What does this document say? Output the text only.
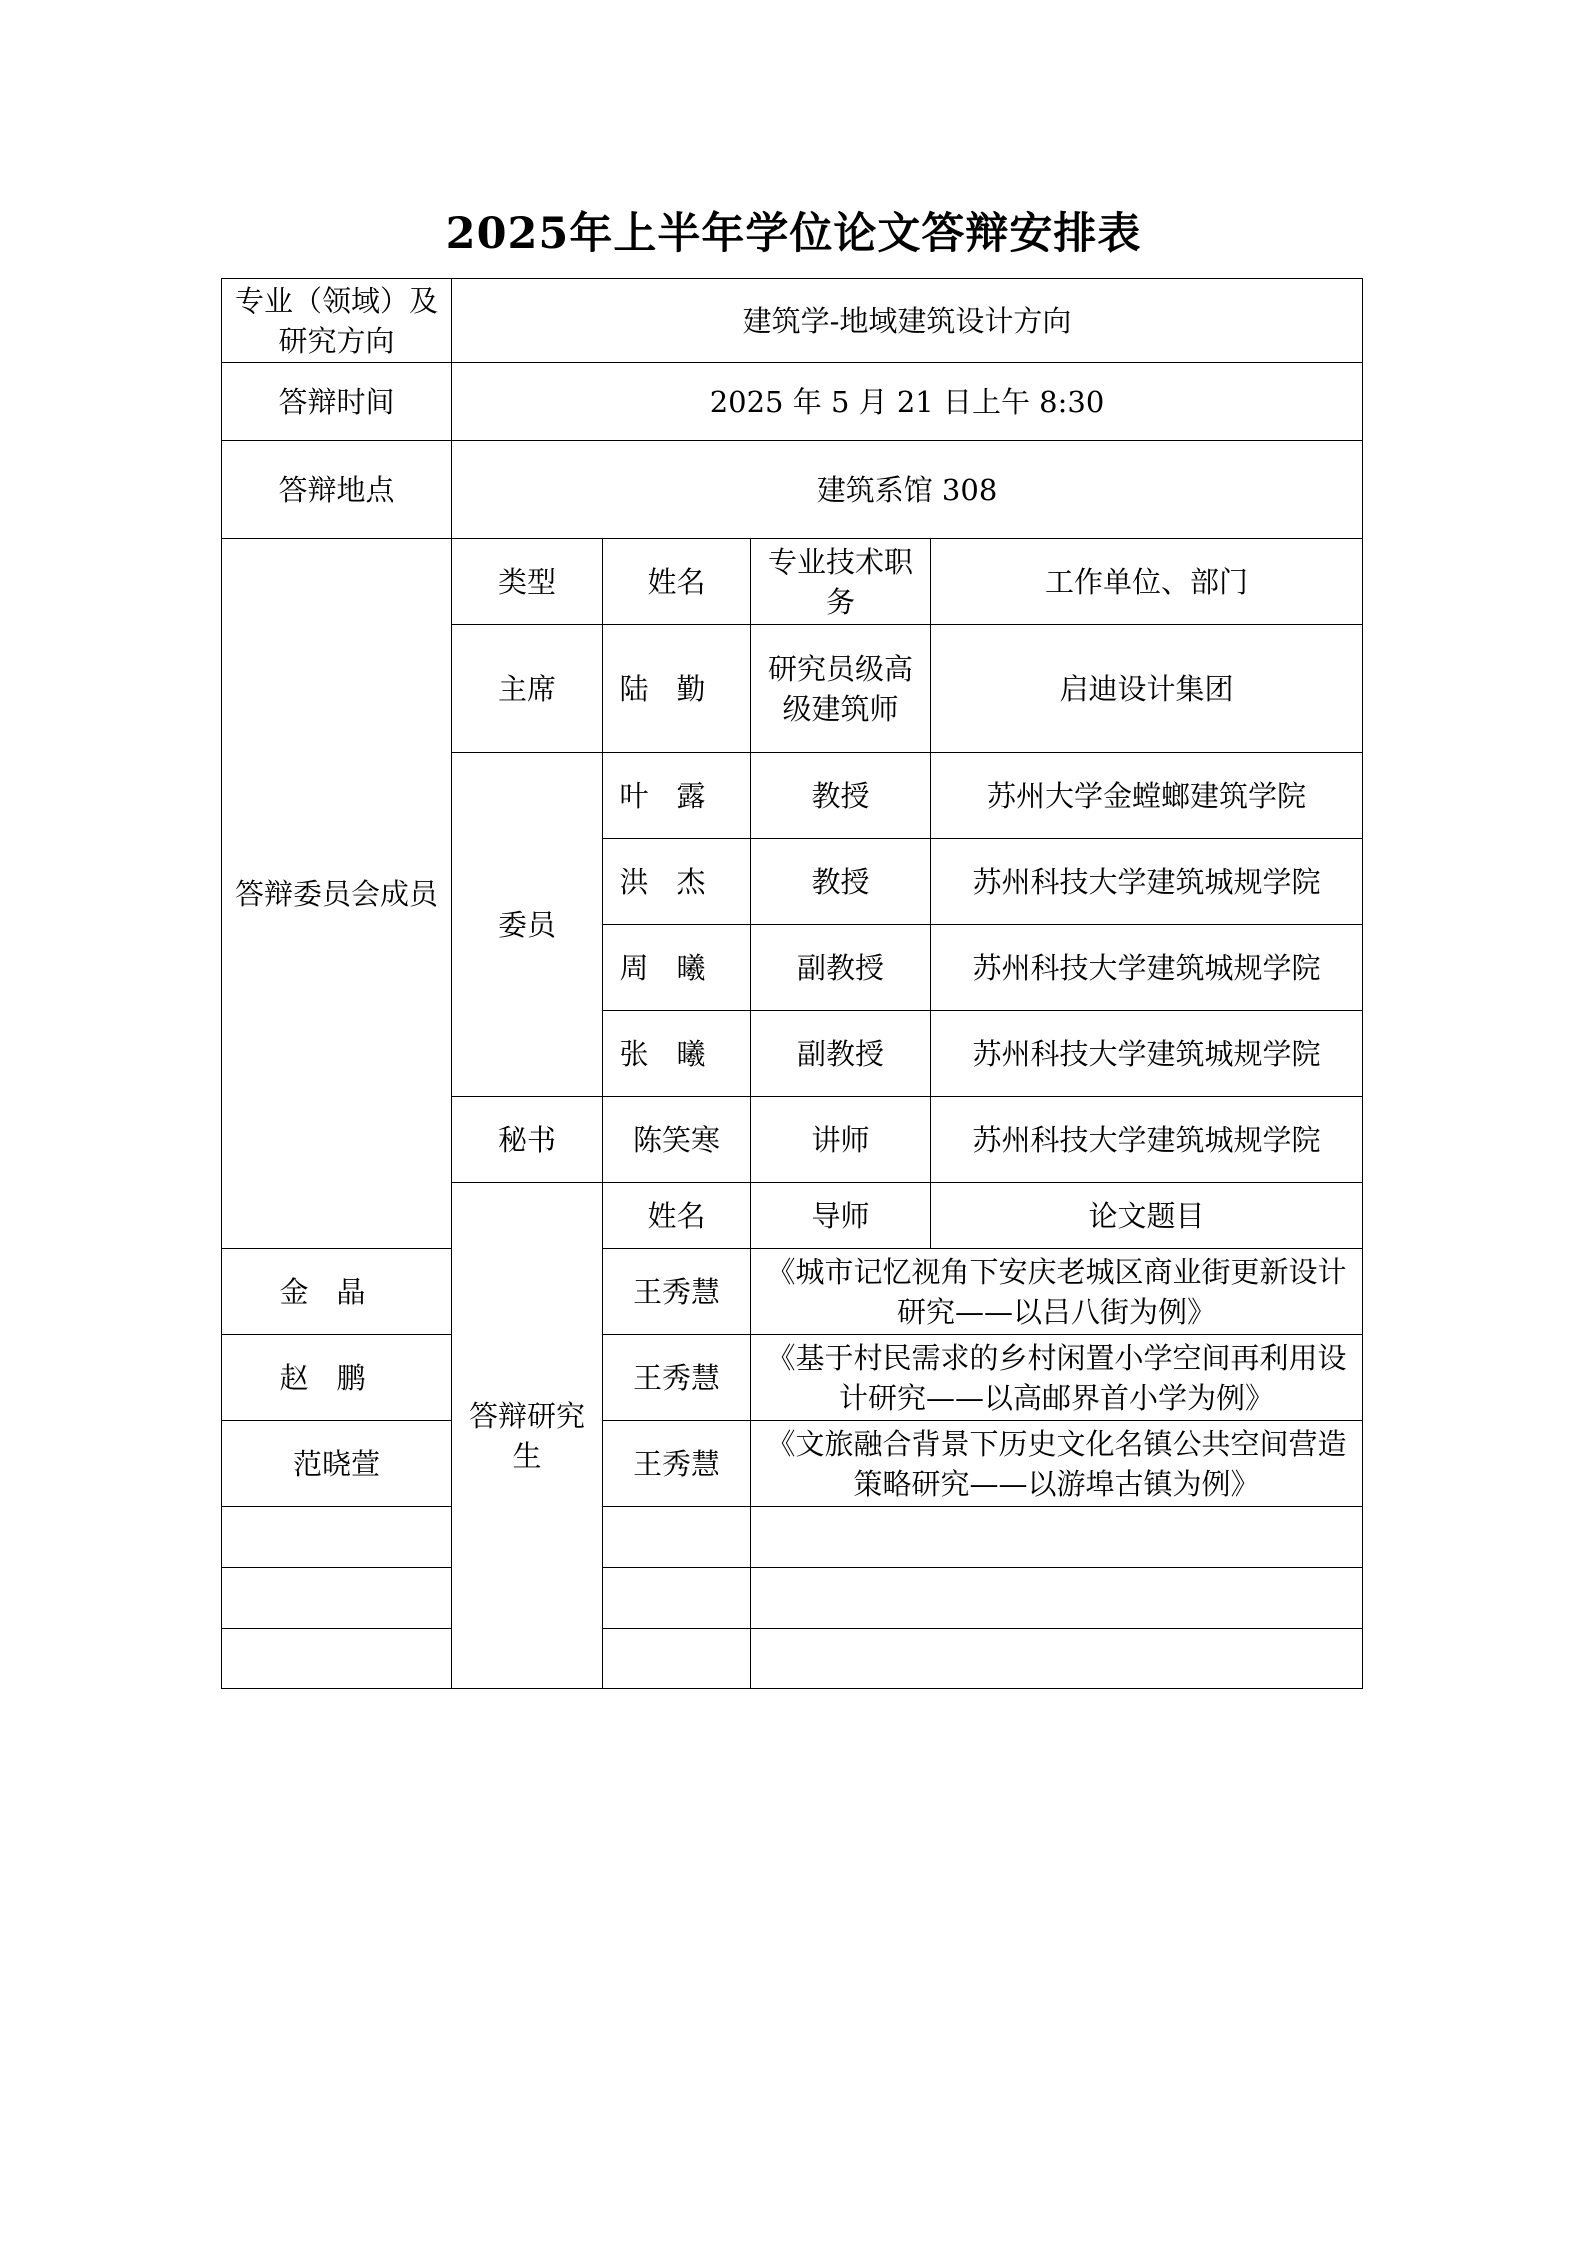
2025年上半年学位论文答辩安排表
专业（领域）及研究方向	建筑学-地域建筑设计方向			
答辩时间	2025 年 5 月 21 日上午 8:30			
答辩地点	建筑系馆 308			
答辩委员会成员	类型	姓名	专业技术职务	工作单位、部门
	主席	陆勤	研究员级高级建筑师	启迪设计集团
	委员	叶露	教授	苏州大学金螳螂建筑学院
		洪杰	教授	苏州科技大学建筑城规学院
		周曦	副教授	苏州科技大学建筑城规学院
		张曦	副教授	苏州科技大学建筑城规学院
	秘书	陈笑寒	讲师	苏州科技大学建筑城规学院
	答辩研究生	姓名	导师	论文题目
金晶		王秀慧	《城市记忆视角下安庆老城区商业街更新设计研究——以吕八街为例》	
赵鹏		王秀慧	《基于村民需求的乡村闲置小学空间再利用设计研究——以高邮界首小学为例》	
范晓萱		王秀慧	《文旅融合背景下历史文化名镇公共空间营造策略研究——以游埠古镇为例》	
